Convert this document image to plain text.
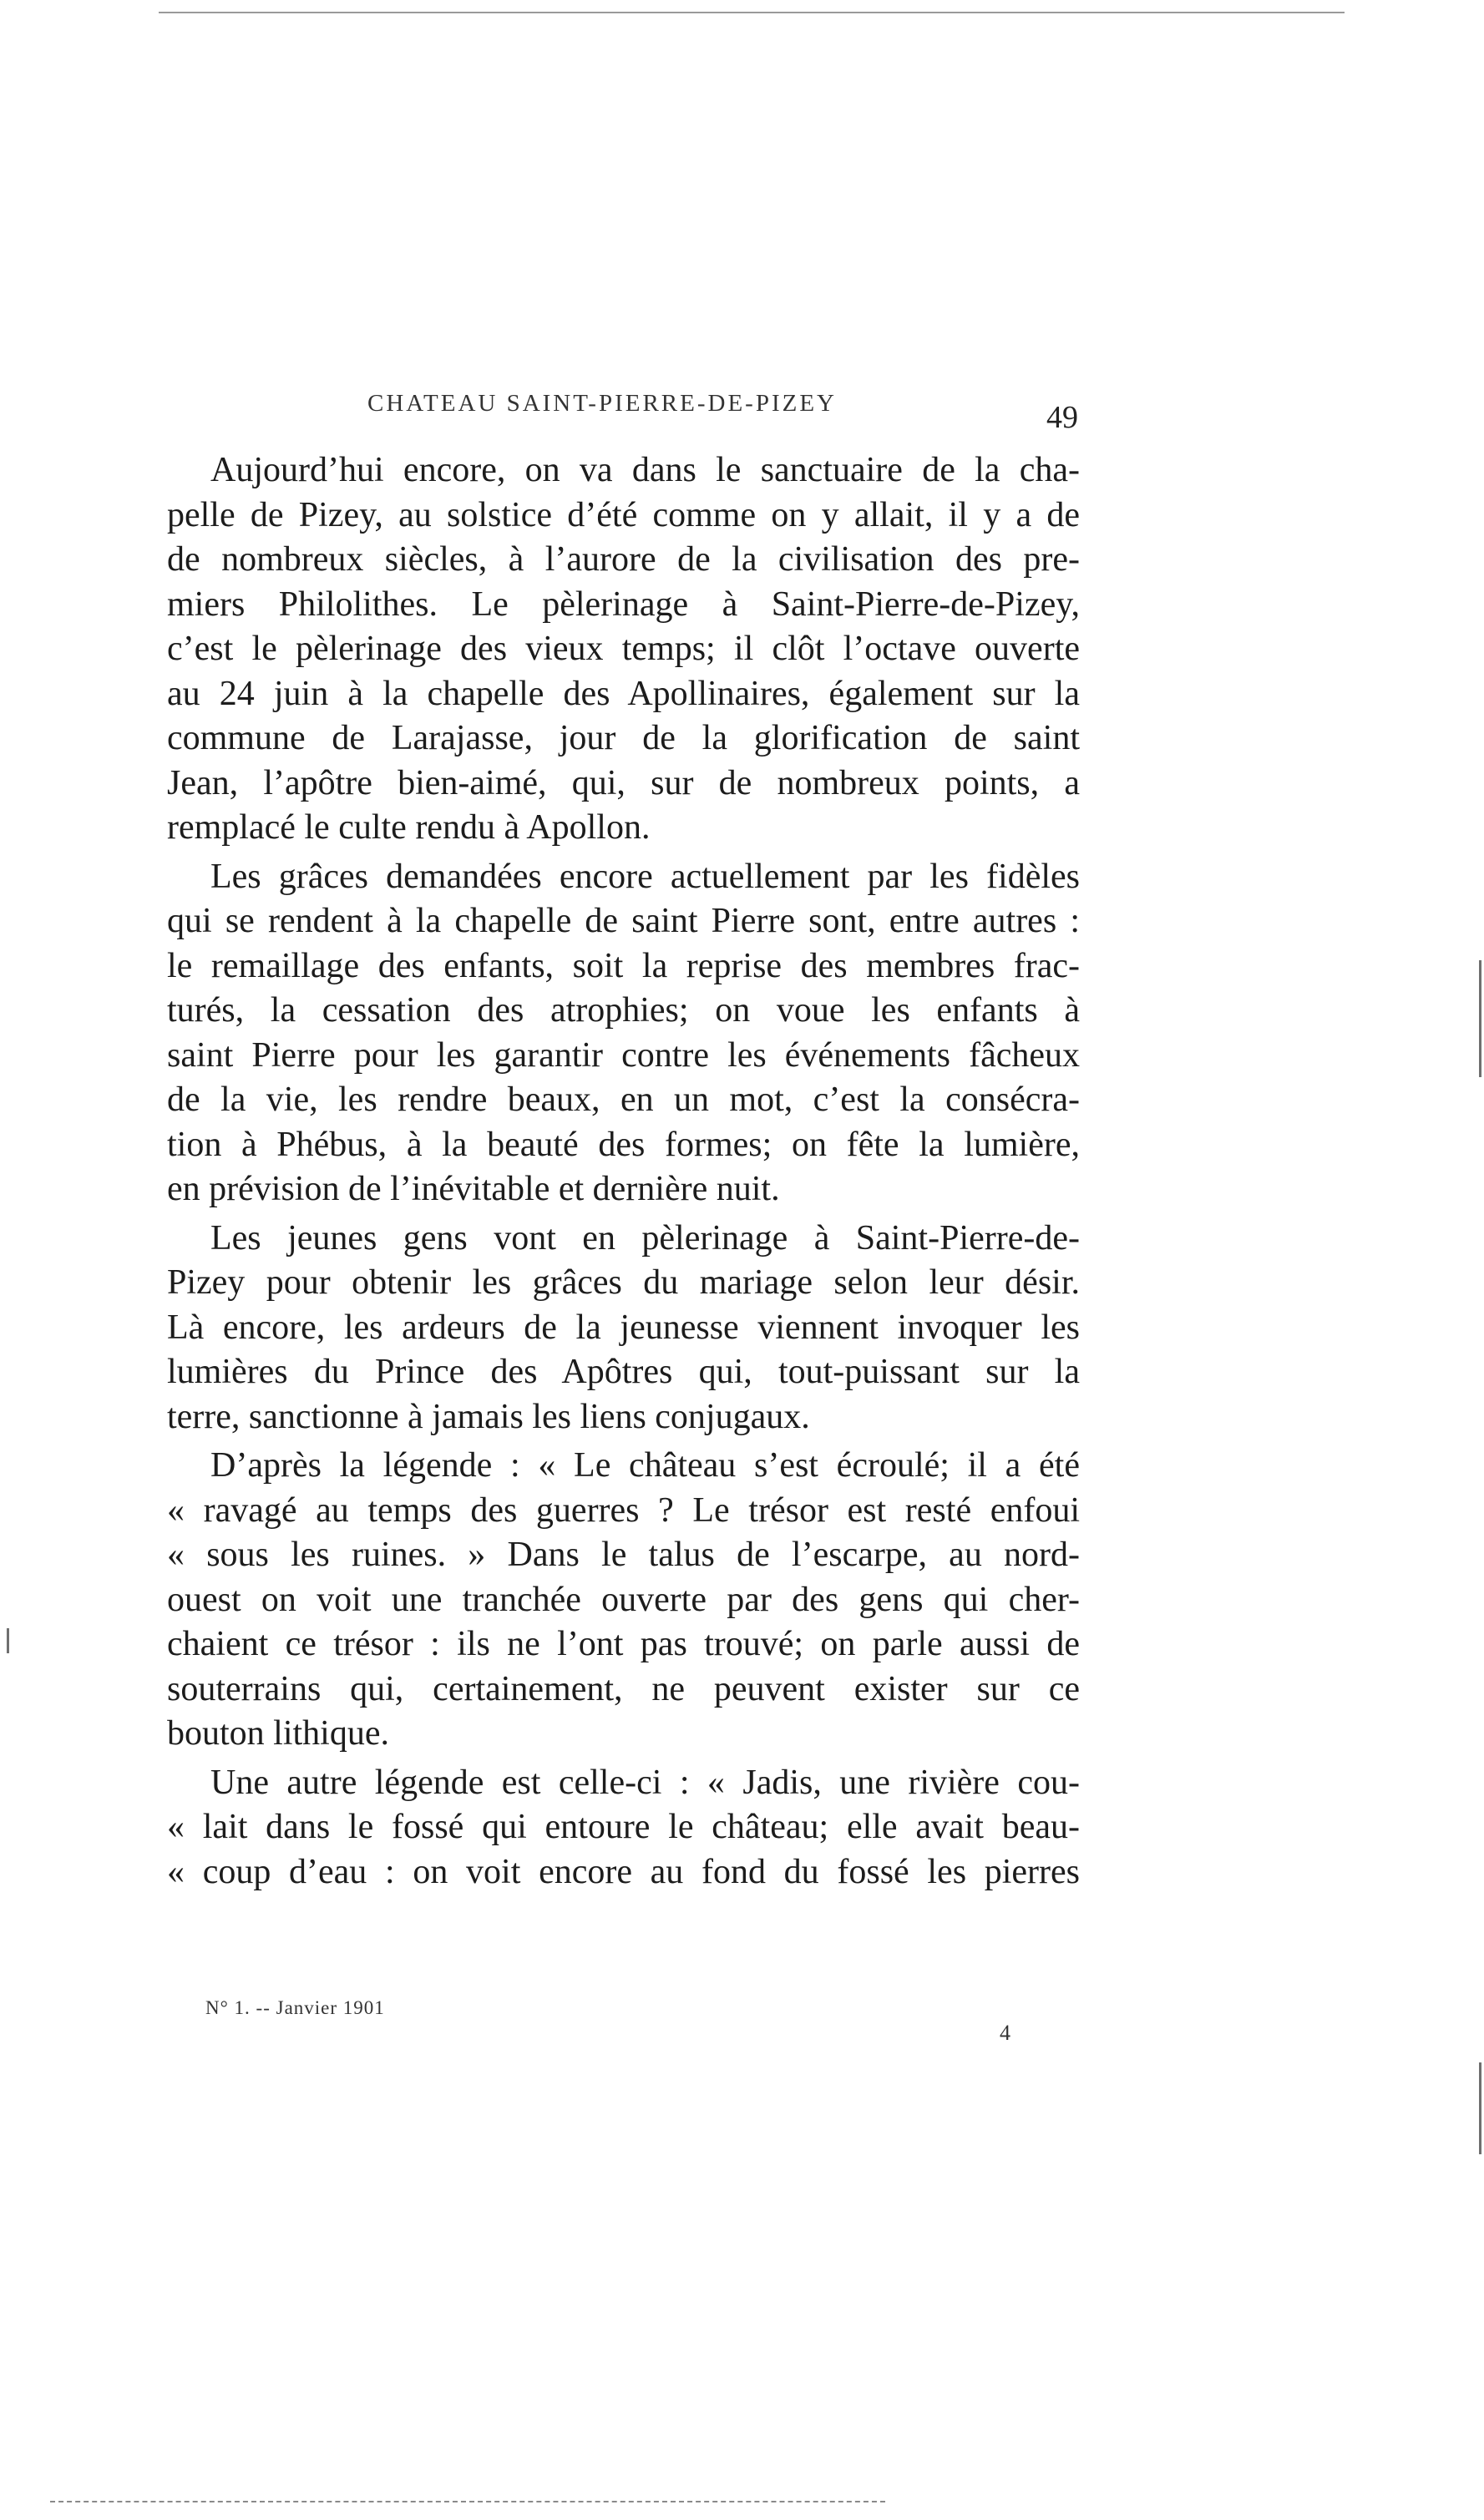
CHATEAU SAINT-PIERRE-DE-PIZEY	49
Aujourd’hui encore, on va dans le sanctuaire de la cha-
pelle de Pizey, au solstice d’été comme on y allait, il y a de
de nombreux siècles, à l’aurore de la civilisation des pre-
miers Philolithes. Le pèlerinage à Saint-Pierre-de-Pizey,
c’est le pèlerinage des vieux temps; il clôt l’octave ouverte
au 24 juin à la chapelle des Apollinaires, également sur la
commune de Larajasse, jour de la glorification de saint
Jean, l’apôtre bien-aimé, qui, sur de nombreux points, a
remplacé le culte rendu à Apollon.
Les grâces demandées encore actuellement par les fidèles
qui se rendent à la chapelle de saint Pierre sont, entre autres :
le remaillage des enfants, soit la reprise des membres frac-
turés, la cessation des atrophies; on voue les enfants à
saint Pierre pour les garantir contre les événements fâcheux
de la vie, les rendre beaux, en un mot, c’est la consécra-
tion à Phébus, à la beauté des formes; on fête la lumière,
en prévision de l’inévitable et dernière nuit.
Les jeunes gens vont en pèlerinage à Saint-Pierre-de-
Pizey pour obtenir les grâces du mariage selon leur désir.
Là encore, les ardeurs de la jeunesse viennent invoquer les
lumières du Prince des Apôtres qui, tout-puissant sur la
terre, sanctionne à jamais les liens conjugaux.
D’après la légende : « Le château s’est écroulé; il a été
« ravagé au temps des guerres ? Le trésor est resté enfoui
« sous les ruines. » Dans le talus de l’escarpe, au nord-
ouest on voit une tranchée ouverte par des gens qui cher-
chaient ce trésor : ils ne l’ont pas trouvé; on parle aussi de
souterrains qui, certainement, ne peuvent exister sur ce
bouton lithique.
Une autre légende est celle-ci : « Jadis, une rivière cou-
« lait dans le fossé qui entoure le château; elle avait beau-
« coup d’eau : on voit encore au fond du fossé les pierres
N° 1. -- Janvier 1901
4
